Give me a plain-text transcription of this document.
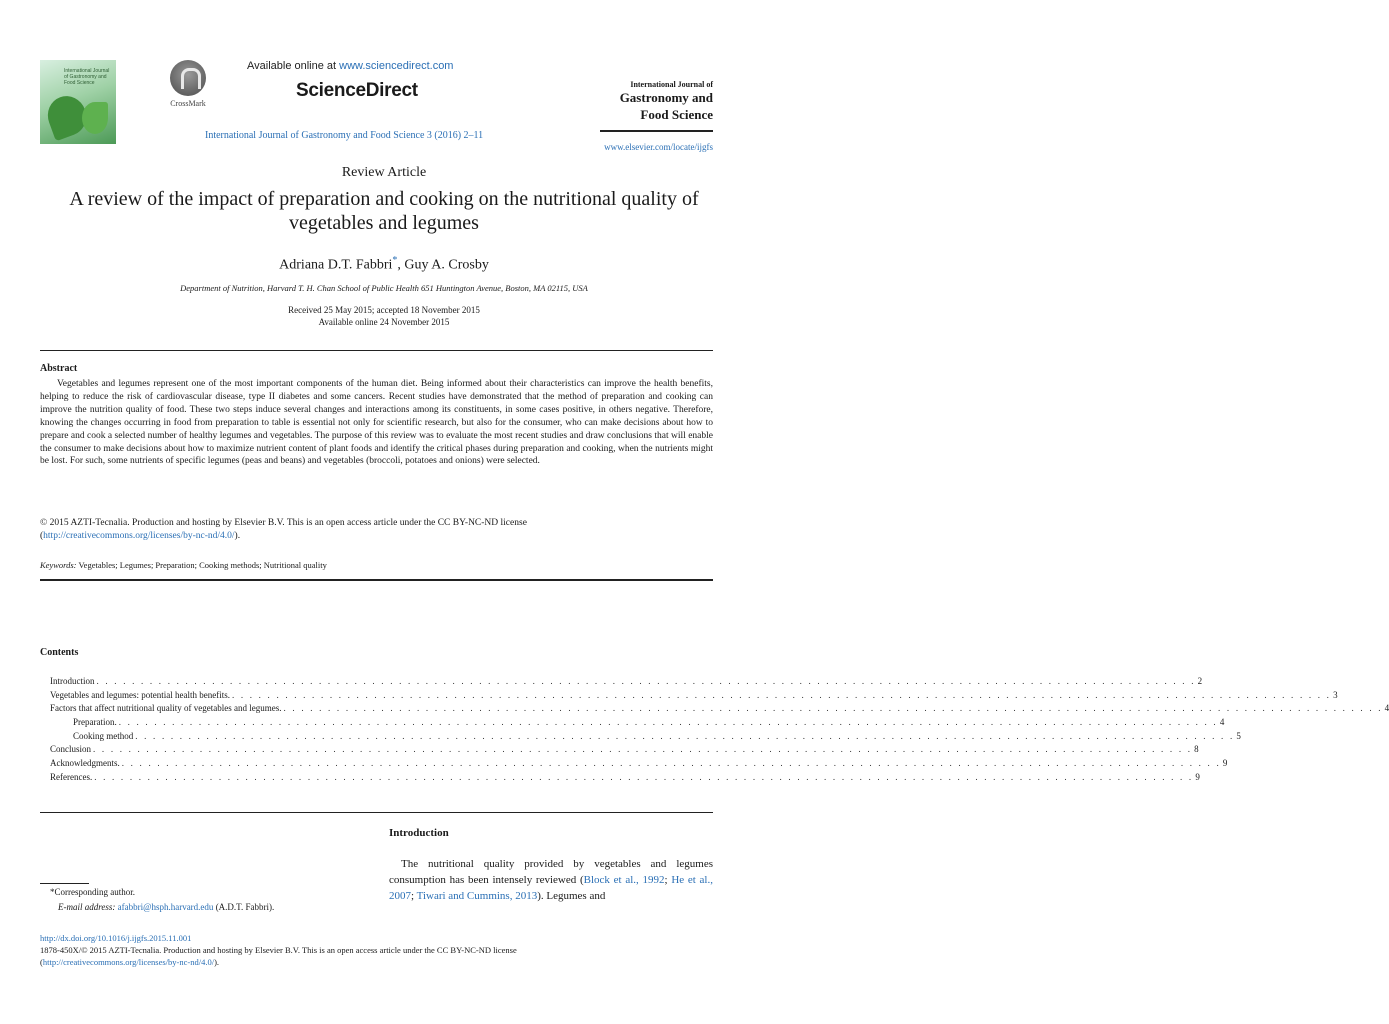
International Journal of Gastronomy and Food Science
CrossMark
Available online at www.sciencedirect.com
ScienceDirect
International Journal of Gastronomy and Food Science 3 (2016) 2–11
International Journal of
Gastronomy and
Food Science
www.elsevier.com/locate/ijgfs
Review Article
A review of the impact of preparation and cooking on the nutritional quality of vegetables and legumes
Adriana D.T. Fabbri*, Guy A. Crosby
Department of Nutrition, Harvard T. H. Chan School of Public Health 651 Huntington Avenue, Boston, MA 02115, USA
Received 25 May 2015; accepted 18 November 2015
Available online 24 November 2015
Abstract
Vegetables and legumes represent one of the most important components of the human diet. Being informed about their characteristics can improve the health benefits, helping to reduce the risk of cardiovascular disease, type II diabetes and some cancers. Recent studies have demonstrated that the method of preparation and cooking can improve the nutrition quality of food. These two steps induce several changes and interactions among its constituents, in some cases positive, in others negative. Therefore, knowing the changes occurring in food from preparation to table is essential not only for scientific research, but also for the consumer, who can make decisions about how to prepare and cook a selected number of healthy legumes and vegetables. The purpose of this review was to evaluate the most recent studies and draw conclusions that will enable the consumer to make decisions about how to maximize nutrient content of plant foods and identify the critical phases during preparation and cooking, when the nutrients might be lost. For such, some nutrients of specific legumes (peas and beans) and vegetables (broccoli, potatoes and onions) were selected.
© 2015 AZTI-Tecnalia. Production and hosting by Elsevier B.V. This is an open access article under the CC BY-NC-ND license
(http://creativecommons.org/licenses/by-nc-nd/4.0/).
Keywords: Vegetables; Legumes; Preparation; Cooking methods; Nutritional quality
Contents
Introduction . . . . . . . . . . . . . . . . . . . . . . . . . . . . . . . . . . . . . . . . . . . . . . . . . . . . . . . . . . . . . . . . . . . . . . . . . . . . . . . . . . . . . . . . . . . . . . . . . . . . . . . . . . . . . . . . . . . . . . . . . . . . 2
Vegetables and legumes: potential health benefits. . . . . . . . . . . . . . . . . . . . . . . . . . . . . . . . . . . . . . . . . . . . . . . . . . . . . . . . . . . . . . . . . . . . . . . . . . . . . . . . . . . . . . . . . . . . . . . . . . . . . . . . . . . . . . . . . . . . . . . . . . . . . 3
Factors that affect nutritional quality of vegetables and legumes. . . . . . . . . . . . . . . . . . . . . . . . . . . . . . . . . . . . . . . . . . . . . . . . . . . . . . . . . . . . . . . . . . . . . . . . . . . . . . . . . . . . . . . . . . . . . . . . . . . . . . . . . . . . . . . . . . . . . . . . . . . . . 4
Preparation. . . . . . . . . . . . . . . . . . . . . . . . . . . . . . . . . . . . . . . . . . . . . . . . . . . . . . . . . . . . . . . . . . . . . . . . . . . . . . . . . . . . . . . . . . . . . . . . . . . . . . . . . . . . . . . . . . . . . . . . . . . . . 4
Cooking method . . . . . . . . . . . . . . . . . . . . . . . . . . . . . . . . . . . . . . . . . . . . . . . . . . . . . . . . . . . . . . . . . . . . . . . . . . . . . . . . . . . . . . . . . . . . . . . . . . . . . . . . . . . . . . . . . . . . . . . . . . . . 5
Conclusion . . . . . . . . . . . . . . . . . . . . . . . . . . . . . . . . . . . . . . . . . . . . . . . . . . . . . . . . . . . . . . . . . . . . . . . . . . . . . . . . . . . . . . . . . . . . . . . . . . . . . . . . . . . . . . . . . . . . . . . . . . . . 8
Acknowledgments. . . . . . . . . . . . . . . . . . . . . . . . . . . . . . . . . . . . . . . . . . . . . . . . . . . . . . . . . . . . . . . . . . . . . . . . . . . . . . . . . . . . . . . . . . . . . . . . . . . . . . . . . . . . . . . . . . . . . . . . . . . . . 9
References. . . . . . . . . . . . . . . . . . . . . . . . . . . . . . . . . . . . . . . . . . . . . . . . . . . . . . . . . . . . . . . . . . . . . . . . . . . . . . . . . . . . . . . . . . . . . . . . . . . . . . . . . . . . . . . . . . . . . . . . . . . . . 9
Introduction
The nutritional quality provided by vegetables and legumes consumption has been intensely reviewed (Block et al., 1992; He et al., 2007; Tiwari and Cummins, 2013). Legumes and
*Corresponding author.
E-mail address: afabbri@hsph.harvard.edu (A.D.T. Fabbri).
http://dx.doi.org/10.1016/j.ijgfs.2015.11.001
1878-450X/© 2015 AZTI-Tecnalia. Production and hosting by Elsevier B.V. This is an open access article under the CC BY-NC-ND license
(http://creativecommons.org/licenses/by-nc-nd/4.0/).
